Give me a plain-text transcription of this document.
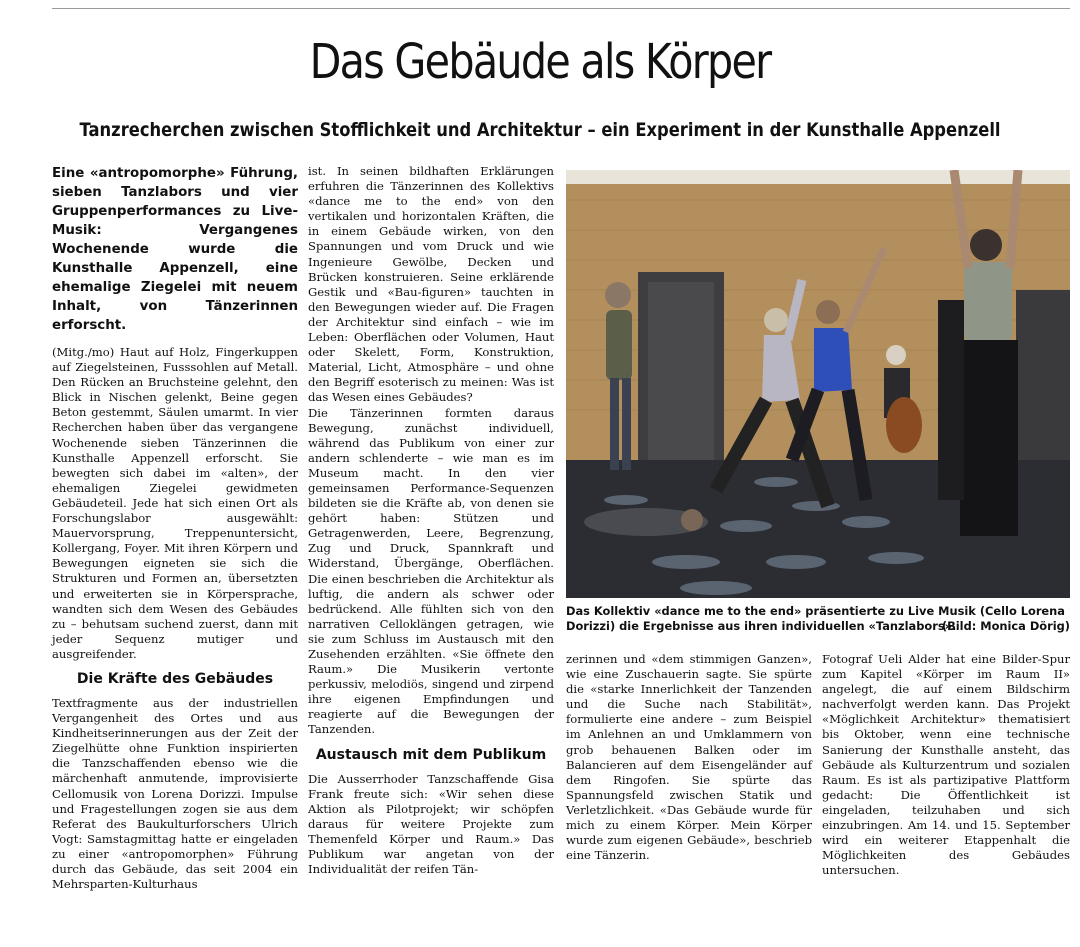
Das Gebäude als Körper
Tanzrecherchen zwischen Stofflichkeit und Architektur – ein Experiment in der Kunsthalle Appenzell

Eine «antropomorphe» Führung, sieben Tanzlabors und vier Gruppenperformances zu Live-Musik: Vergangenes Wochenende wurde die Kunsthalle Appenzell, eine ehemalige Ziegelei mit neuem Inhalt, von Tänzerinnen erforscht.

(Mitg./mo) Haut auf Holz, Fingerkuppen auf Ziegelsteinen, Fusssohlen auf Metall. Den Rücken an Bruchsteine gelehnt, den Blick in Nischen gelenkt, Beine gegen Beton gestemmt, Säulen umarmt. In vier Recherchen haben über das vergangene Wochenende sieben Tänzerinnen die Kunsthalle Appenzell erforscht. Sie bewegten sich dabei im «alten», der ehemaligen Ziegelei gewidmeten Gebäudeteil. Jede hat sich einen Ort als Forschungslabor ausgewählt: Mauervorsprung, Treppenuntersicht, Kollergang, Foyer. Mit ihren Körpern und Bewegungen eigneten sie sich die Strukturen und Formen an, übersetzten und erweiterten sie in Körpersprache, wandten sich dem Wesen des Gebäudes zu – behutsam suchend zuerst, dann mit jeder Sequenz mutiger und ausgreifender.

Die Kräfte des Gebäudes

Textfragmente aus der industriellen Vergangenheit des Ortes und aus Kindheitserinnerungen aus der Zeit der Ziegelhütte ohne Funktion inspirierten die Tanzschaffenden ebenso wie die märchenhaft anmutende, improvisierte Cellomusik von Lorena Dorizzi. Impulse und Fragestellungen zogen sie aus dem Referat des Baukulturforschers Ulrich Vogt: Samstagmittag hatte er eingeladen zu einer «antropomorphen» Führung durch das Gebäude, das seit 2004 ein Mehrsparten-Kulturhaus

ist. In seinen bildhaften Erklärungen erfuhren die Tänzerinnen des Kollektivs «dance me to the end» von den vertikalen und horizontalen Kräften, die in einem Gebäude wirken, von den Spannungen und vom Druck und wie Ingenieure Gewölbe, Decken und Brücken konstruieren. Seine erklärende Gestik und «Bau-figuren» tauchten in den Bewegungen wieder auf. Die Fragen der Architektur sind einfach – wie im Leben: Oberflächen oder Volumen, Haut oder Skelett, Form, Konstruktion, Material, Licht, Atmosphäre – und ohne den Begriff esoterisch zu meinen: Was ist das Wesen eines Gebäudes?

Die Tänzerinnen formten daraus Bewegung, zunächst individuell, während das Publikum von einer zur andern schlenderte – wie man es im Museum macht. In den vier gemeinsamen Performance-Sequenzen bildeten sie die Kräfte ab, von denen sie gehört haben: Stützen und Getragenwerden, Leere, Begrenzung, Zug und Druck, Spannkraft und Widerstand, Übergänge, Oberflächen. Die einen beschrieben die Architektur als luftig, die andern als schwer oder bedrückend. Alle fühlten sich von den narrativen Celloklängen getragen, wie sie zum Schluss im Austausch mit den Zusehenden erzählten. «Sie öffnete den Raum.» Die Musikerin vertonte perkussiv, melodiös, singend und zirpend ihre eigenen Empfindungen und reagierte auf die Bewegungen der Tanzenden.

Austausch mit dem Publikum

Die Ausserrhoder Tanzschaffende Gisa Frank freute sich: «Wir sehen diese Aktion als Pilotprojekt; wir schöpfen daraus für weitere Projekte zum Themenfeld Körper und Raum.» Das Publikum war angetan von der Individualität der reifen Tän-

Das Kollektiv «dance me to the end» präsentierte zu Live Musik (Cello Lorena Dorizzi) die Ergebnisse aus ihren individuellen «Tanzlabors».
(Bild: Monica Dörig)

zerinnen und «dem stimmigen Ganzen», wie eine Zuschauerin sagte. Sie spürte die «starke Innerlichkeit der Tanzenden und die Suche nach Stabilität», formulierte eine andere – zum Beispiel im Anlehnen an und Umklammern von grob behauenen Balken oder im Balancieren auf dem Eisengeländer auf dem Ringofen. Sie spürte das Spannungsfeld zwischen Statik und Verletzlichkeit. «Das Gebäude wurde für mich zu einem Körper. Mein Körper wurde zum eigenen Gebäude», beschrieb eine Tänzerin.

Fotograf Ueli Alder hat eine Bilder-Spur zum Kapitel «Körper im Raum II» angelegt, die auf einem Bildschirm nachverfolgt werden kann. Das Projekt «Möglichkeit Architektur» thematisiert bis Oktober, wenn eine technische Sanierung der Kunsthalle ansteht, das Gebäude als Kulturzentrum und sozialen Raum. Es ist als partizipative Plattform gedacht: Die Öffentlichkeit ist eingeladen, teilzuhaben und sich einzubringen. Am 14. und 15. September wird ein weiterer Etappenhalt die Möglichkeiten des Gebäudes untersuchen.
